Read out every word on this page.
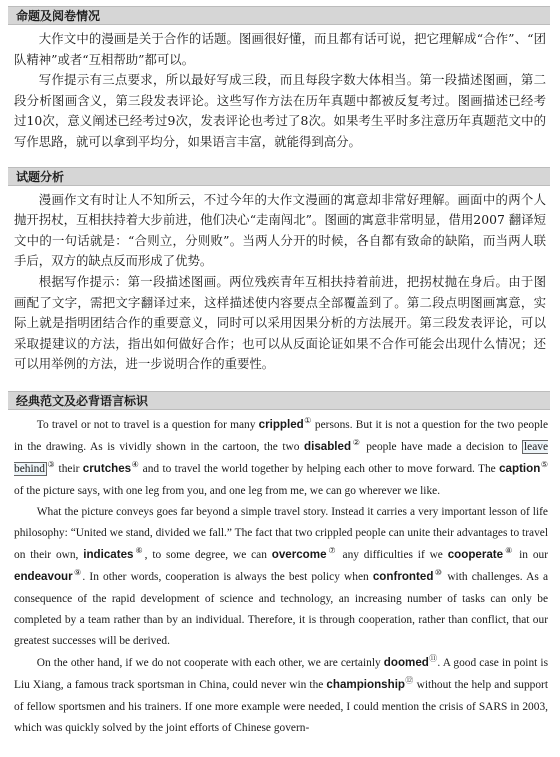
命题及阅卷情况

大作文中的漫画是关于合作的话题。图画很好懂，而且都有话可说，把它理解成“合作”、“团队精神”或者“互相帮助”都可以。

写作提示有三点要求，所以最好写成三段，而且每段字数大体相当。第一段描述图画，第二段分析图画含义，第三段发表评论。这些写作方法在历年真题中都被反复考过。图画描述已经考过10次，意义阐述已经考过9次，发表评论也考过了8次。如果考生平时多注意历年真题范文中的写作思路，就可以拿到平均分，如果语言丰富，就能得到高分。

试题分析

漫画作文有时让人不知所云，不过今年的大作文漫画的寓意却非常好理解。画面中的两个人抛开拐杖，互相扶持着大步前进，他们决心“走南闯北”。图画的寓意非常明显，借用2007 翻译短文中的一句话就是：“合则立，分则败”。当两人分开的时候，各自都有致命的缺陷，而当两人联手后，双方的缺点反而形成了优势。

根据写作提示：第一段描述图画。两位残疾青年互相扶持着前进，把拐杖抛在身后。由于图画配了文字，需把文字翻译过来，这样描述使内容要点全部覆盖到了。第二段点明图画寓意，实际上就是指明团结合作的重要意义，同时可以采用因果分析的方法展开。第三段发表评论，可以采取提建议的方法，指出如何做好合作；也可以从反面论证如果不合作可能会出现什么情况；还可以用举例的方法，进一步说明合作的重要性。

经典范文及必背语言标识

To travel or not to travel is a question for many crippled① persons. But it is not a question for the two people in the drawing. As is vividly shown in the cartoon, the two disabled② people have made a decision to leave behind ③ their crutches④ and to travel the world together by helping each other to move forward. The caption⑤ of the picture says, with one leg from you, and one leg from me, we can go wherever we like.

What the picture conveys goes far beyond a simple travel story. Instead it carries a very important lesson of life philosophy: “United we stand, divided we fall.” The fact that two crippled people can unite their advantages to travel on their own, indicates⑥, to some degree, we can overcome⑦ any difficulties if we cooperate⑧ in our endeavour⑨. In other words, cooperation is always the best policy when confronted⑩ with challenges. As a consequence of the rapid development of science and technology, an increasing number of tasks can only be completed by a team rather than by an individual. Therefore, it is through cooperation, rather than conflict, that our greatest successes will be derived.

On the other hand, if we do not cooperate with each other, we are certainly doomed⑪. A good case in point is Liu Xiang, a famous track sportsman in China, could never win the championship⑫ without the help and support of fellow sportsmen and his trainers. If one more example were needed, I could mention the crisis of SARS in 2003, which was quickly solved by the joint efforts of Chinese govern-
